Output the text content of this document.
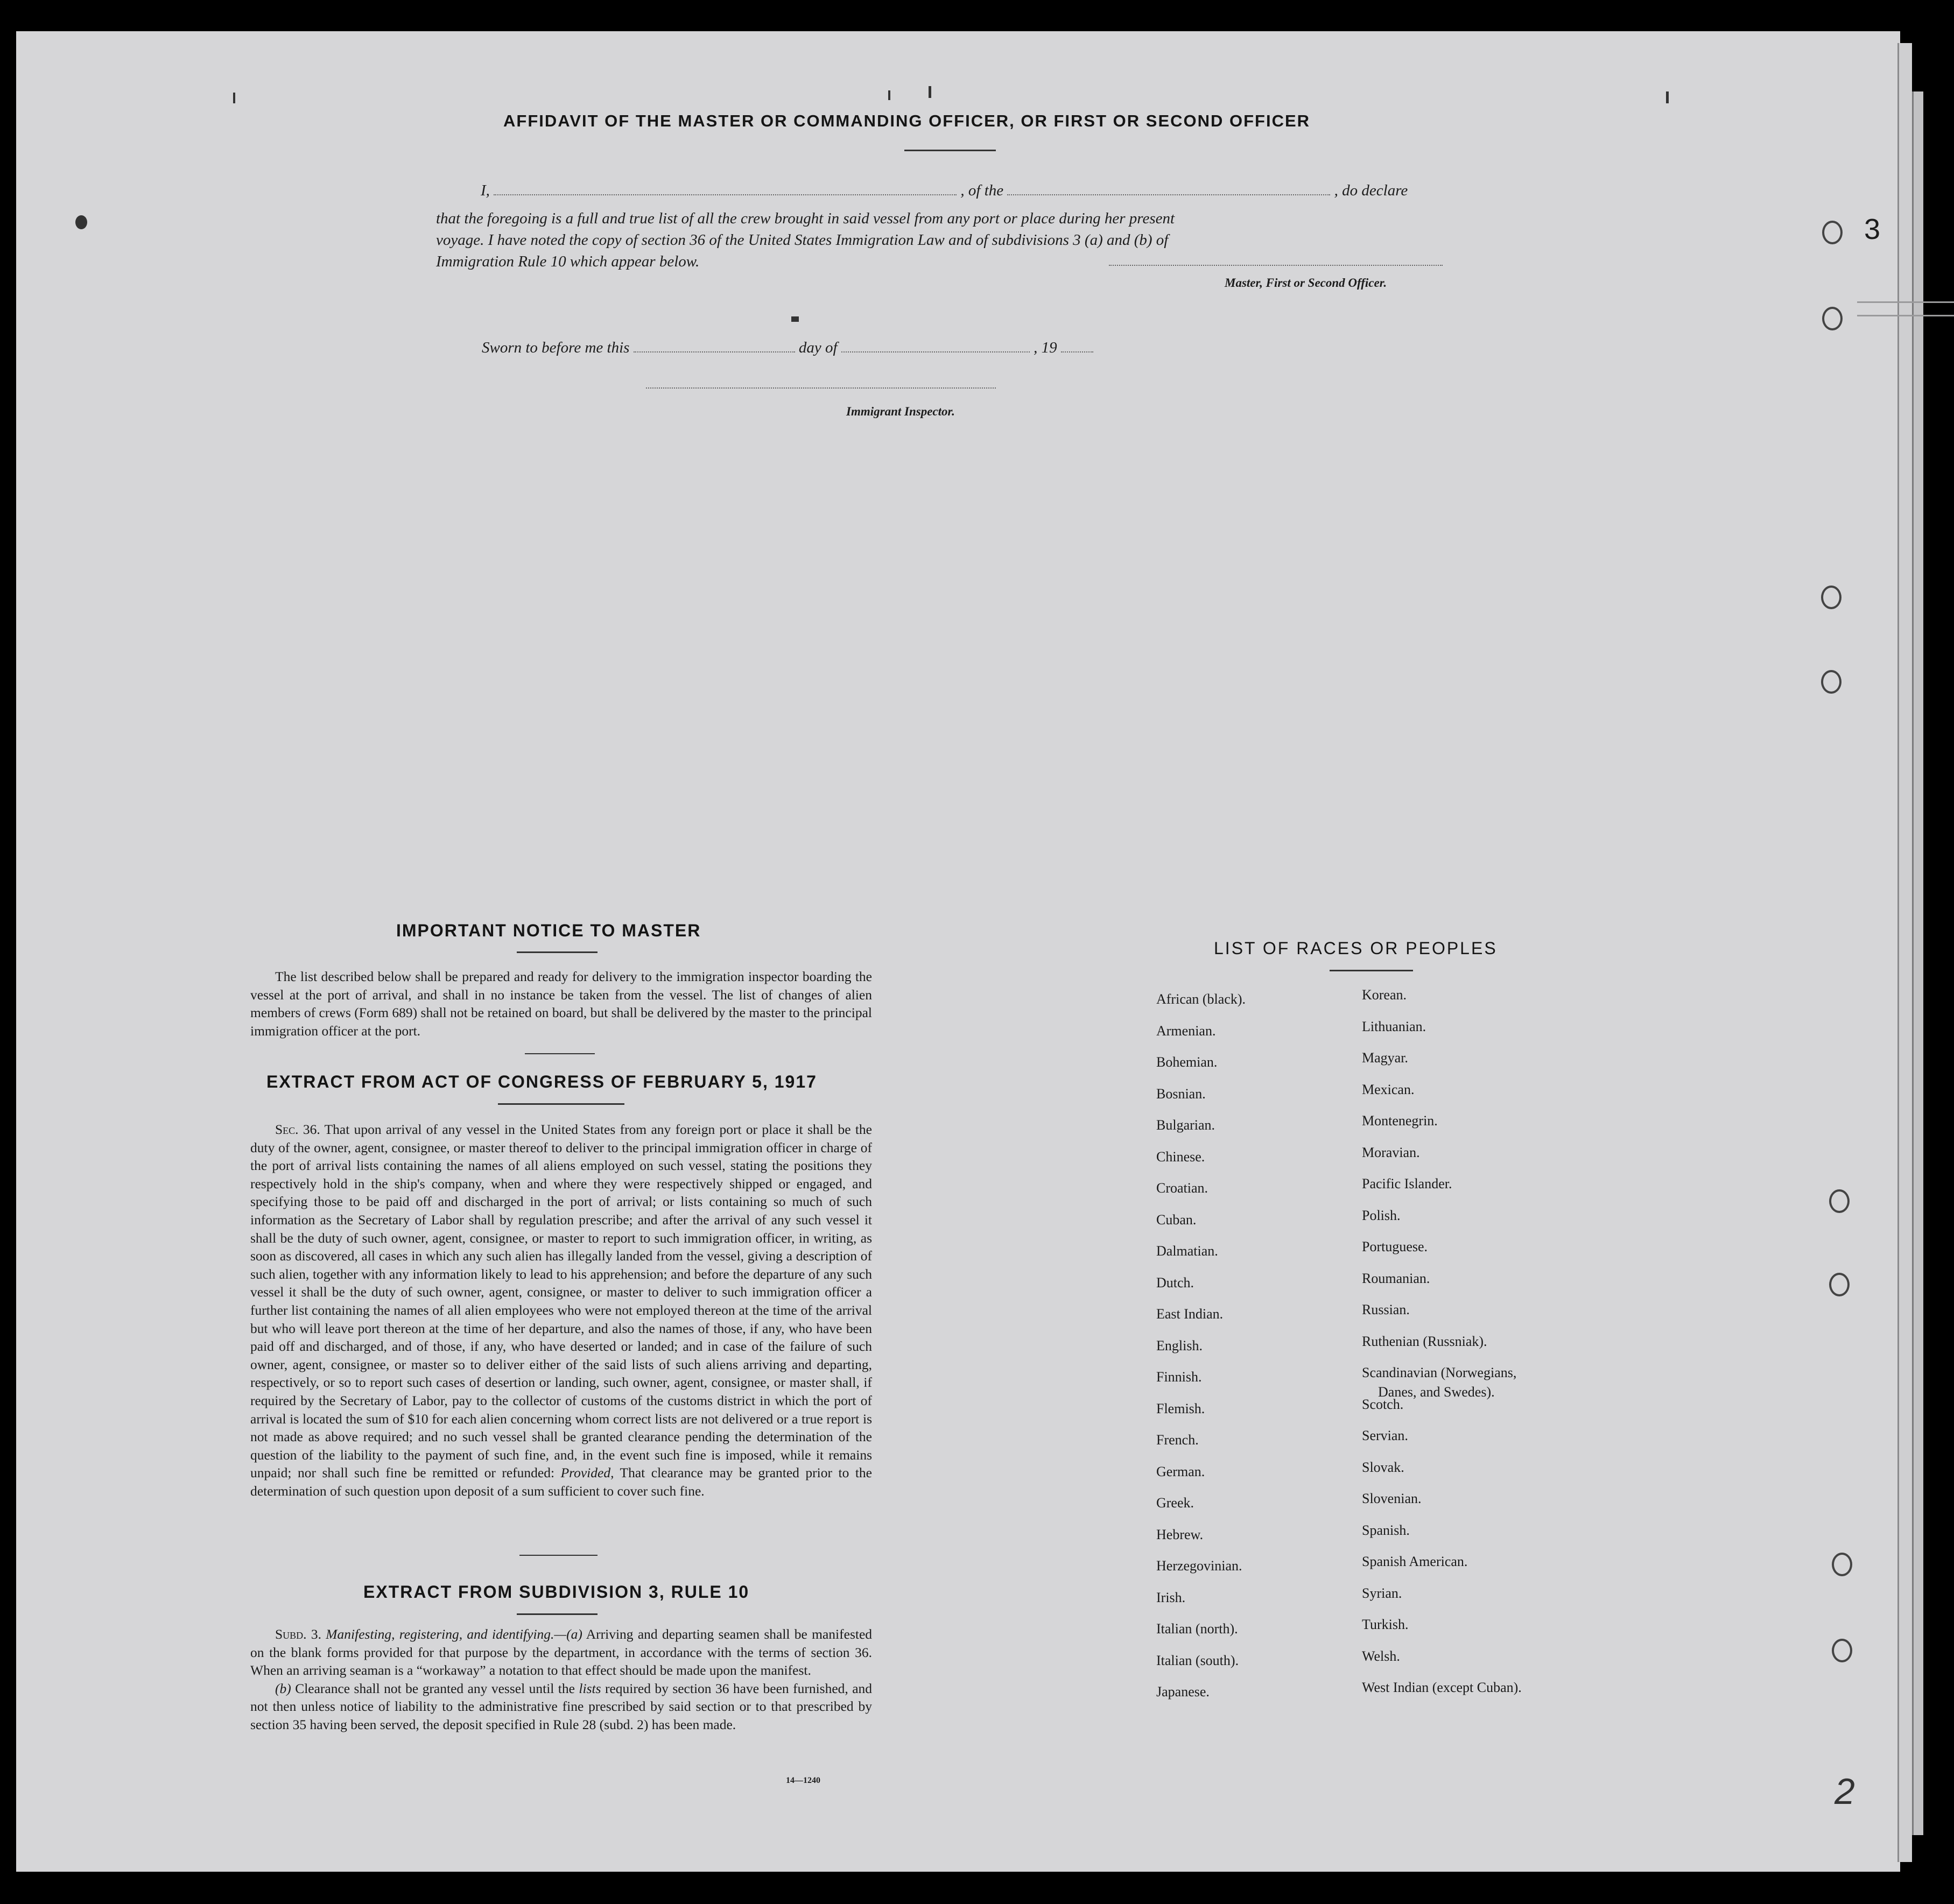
AFFIDAVIT OF THE MASTER OR COMMANDING OFFICER, OR FIRST OR SECOND OFFICER
I,	, of the	, do declare
that the foregoing is a full and true list of all the crew brought in said vessel from any port or place during her present
voyage. I have noted the copy of section 36 of the United States Immigration Law and of subdivisions 3 (a) and (b) of
Immigration Rule 10 which appear below.
Master, First or Second Officer.
Sworn to before me this	day of	, 19
Immigrant Inspector.
IMPORTANT NOTICE TO MASTER

The list described below shall be prepared and ready for delivery to the immigration inspector boarding the vessel at the port of arrival, and shall in no instance be taken from the vessel. The list of changes of alien members of crews (Form 689) shall not be retained on board, but shall be delivered by the master to the principal immigration officer at the port.

EXTRACT FROM ACT OF CONGRESS OF FEBRUARY 5, 1917

Sec. 36. That upon arrival of any vessel in the United States from any foreign port or place it shall be the duty of the owner, agent, consignee, or master thereof to deliver to the principal immigration officer in charge of the port of arrival lists containing the names of all aliens employed on such vessel, stating the positions they respectively hold in the ship's company, when and where they were respectively shipped or engaged, and specifying those to be paid off and discharged in the port of arrival; or lists containing so much of such information as the Secretary of Labor shall by regulation prescribe; and after the arrival of any such vessel it shall be the duty of such owner, agent, consignee, or master to report to such immigration officer, in writing, as soon as discovered, all cases in which any such alien has illegally landed from the vessel, giving a description of such alien, together with any information likely to lead to his apprehension; and before the departure of any such vessel it shall be the duty of such owner, agent, consignee, or master to deliver to such immigration officer a further list containing the names of all alien employees who were not employed thereon at the time of the arrival but who will leave port thereon at the time of her departure, and also the names of those, if any, who have been paid off and discharged, and of those, if any, who have deserted or landed; and in case of the failure of such owner, agent, consignee, or master so to deliver either of the said lists of such aliens arriving and departing, respectively, or so to report such cases of desertion or landing, such owner, agent, consignee, or master shall, if required by the Secretary of Labor, pay to the collector of customs of the customs district in which the port of arrival is located the sum of $10 for each alien concerning whom correct lists are not delivered or a true report is not made as above required; and no such vessel shall be granted clearance pending the determination of the question of the liability to the payment of such fine, and, in the event such fine is imposed, while it remains unpaid; nor shall such fine be remitted or refunded: Provided, That clearance may be granted prior to the determination of such question upon deposit of a sum sufficient to cover such fine.

EXTRACT FROM SUBDIVISION 3, RULE 10

Subd. 3. Manifesting, registering, and identifying.—(a) Arriving and departing seamen shall be manifested on the blank forms provided for that purpose by the department, in accordance with the terms of section 36. When an arriving seaman is a “workaway” a notation to that effect should be made upon the manifest.

(b) Clearance shall not be granted any vessel until the lists required by section 36 have been furnished, and not then unless notice of liability to the administrative fine prescribed by said section or to that prescribed by section 35 having been served, the deposit specified in Rule 28 (subd. 2) has been made.

14—1240
LIST OF RACES OR PEOPLES
African (black).
Armenian.
Bohemian.
Bosnian.
Bulgarian.
Chinese.
Croatian.
Cuban.
Dalmatian.
Dutch.
East Indian.
English.
Finnish.
Flemish.
French.
German.
Greek.
Hebrew.
Herzegovinian.
Irish.
Italian (north).
Italian (south).
Japanese.
Korean.
Lithuanian.
Magyar.
Mexican.
Montenegrin.
Moravian.
Pacific Islander.
Polish.
Portuguese.
Roumanian.
Russian.
Ruthenian (Russniak).
Scandinavian (Norwegians,
Danes, and Swedes).
Scotch.
Servian.
Slovak.
Slovenian.
Spanish.
Spanish American.
Syrian.
Turkish.
Welsh.
West Indian (except Cuban).
3
2
